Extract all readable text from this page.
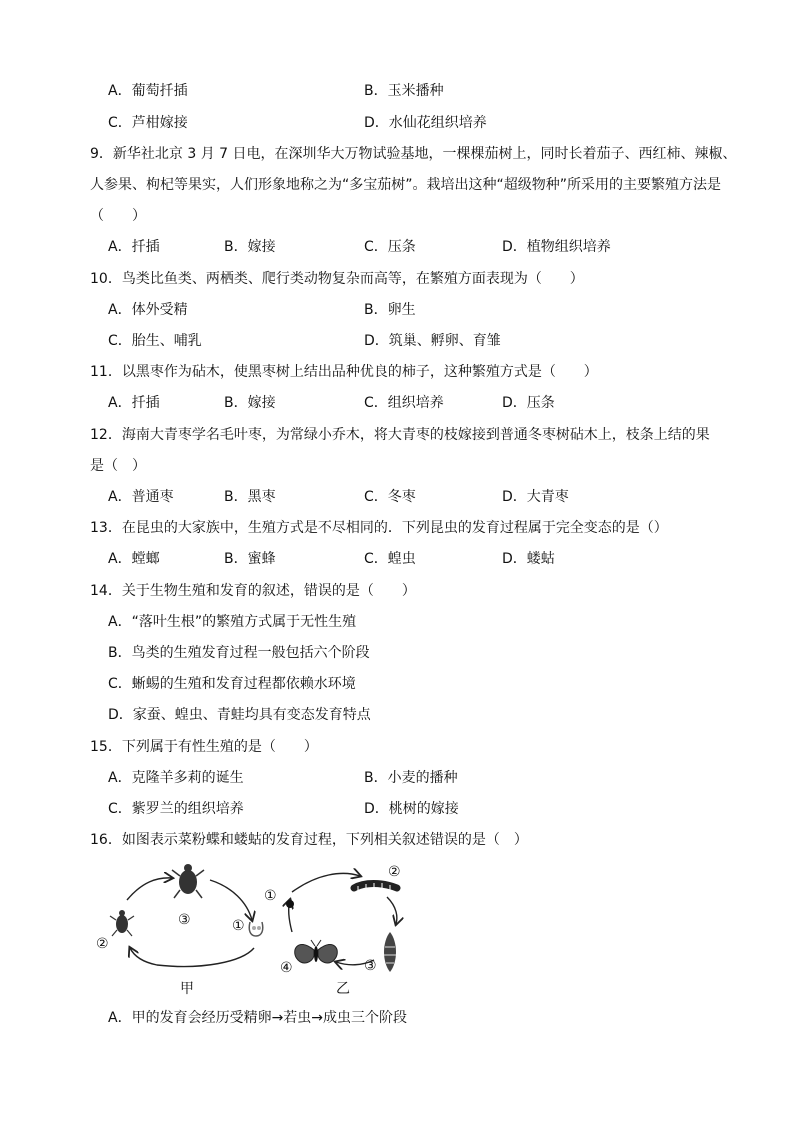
A．葡萄扦插	B．玉米播种
C．芦柑嫁接	D．水仙花组织培养
9．新华社北京 3 月 7 日电，在深圳华大万物试验基地，一棵棵茄树上，同时长着茄子、西红柿、辣椒、
人参果、枸杞等果实，人们形象地称之为“多宝茄树”。栽培出这种“超级物种”所采用的主要繁殖方法是
（　　）
A．扦插	B．嫁接	C．压条	D．植物组织培养
10．鸟类比鱼类、两栖类、爬行类动物复杂而高等，在繁殖方面表现为（　　）
A．体外受精	B．卵生
C．胎生、哺乳	D．筑巢、孵卵、育雏
11．以黑枣作为砧木，使黑枣树上结出品种优良的柿子，这种繁殖方式是（　　）
A．扦插	B．嫁接	C．组织培养	D．压条
12．海南大青枣学名毛叶枣，为常绿小乔木，将大青枣的枝嫁接到普通冬枣树砧木上，枝条上结的果
是（　）
A．普通枣	B．黑枣	C．冬枣	D．大青枣
13．在昆虫的大家族中，生殖方式是不尽相同的．下列昆虫的发育过程属于完全变态的是（）
A．螳螂	B．蜜蜂	C．蝗虫	D．蝼蛄
14．关于生物生殖和发育的叙述，错误的是（　　）
A．“落叶生根”的繁殖方式属于无性生殖
B．鸟类的生殖发育过程一般包括六个阶段
C．蜥蜴的生殖和发育过程都依赖水环境
D．家蚕、蝗虫、青蛙均具有变态发育特点
15．下列属于有性生殖的是（　　）
A．克隆羊多莉的诞生	B．小麦的播种
C．紫罗兰的组织培养	D．桃树的嫁接
16．如图表示菜粉蝶和蝼蛄的发育过程，下列相关叙述错误的是（　）
③	①
②
甲
①
②
③
④
乙
A．甲的发育会经历受精卵→若虫→成虫三个阶段
